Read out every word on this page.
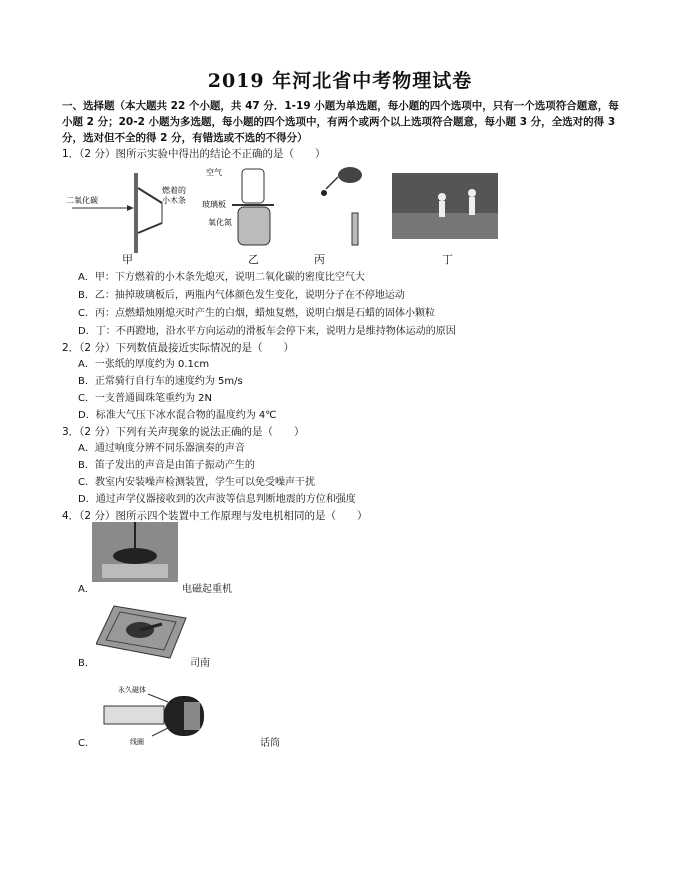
2019 年河北省中考物理试卷
一、选择题（本大题共 22 个小题，共 47 分．1-19 小题为单选题，每小题的四个选项中，只有一个选项符合题意，每小题 2 分；20-2 小题为多选题，每小题的四个选项中，有两个或两个以上选项符合题意，每小题 3 分，全选对的得 3 分，选对但不全的得 2 分，有错选或不选的不得分）
1．（2 分）图所示实验中得出的结论不正确的是（　　）
燃着的
小木条
二氧化碳
甲
空气
玻璃板
氧化氮
乙	丙	丁
A．甲：下方燃着的小木条先熄灭，说明二氧化碳的密度比空气大
B．乙：抽掉玻璃板后，两瓶内气体颜色发生变化，说明分子在不停地运动
C．丙：点燃蜡烛刚熄灭时产生的白烟，蜡烛复燃，说明白烟是石蜡的固体小颗粒
D．丁：不再蹬地，沿水平方向运动的滑板车会停下来，说明力是维持物体运动的原因
2．（2 分）下列数值最接近实际情况的是（　　）
A．一张纸的厚度约为 0.1cm
B．正常骑行自行车的速度约为 5m/s
C．一支普通圆珠笔重约为 2N
D．标准大气压下冰水混合物的温度约为 4℃
3．（2 分）下列有关声现象的说法正确的是（　　）
A．通过响度分辨不同乐器演奏的声音
B．笛子发出的声音是由笛子振动产生的
C．教室内安装噪声检测装置，学生可以免受噪声干扰
D．通过声学仪器接收到的次声波等信息判断地震的方位和强度
4．（2 分）图所示四个装置中工作原理与发电机相同的是（　　）
A．	电磁起重机
B．	司南
永久磁体
线圈
C．	话筒
